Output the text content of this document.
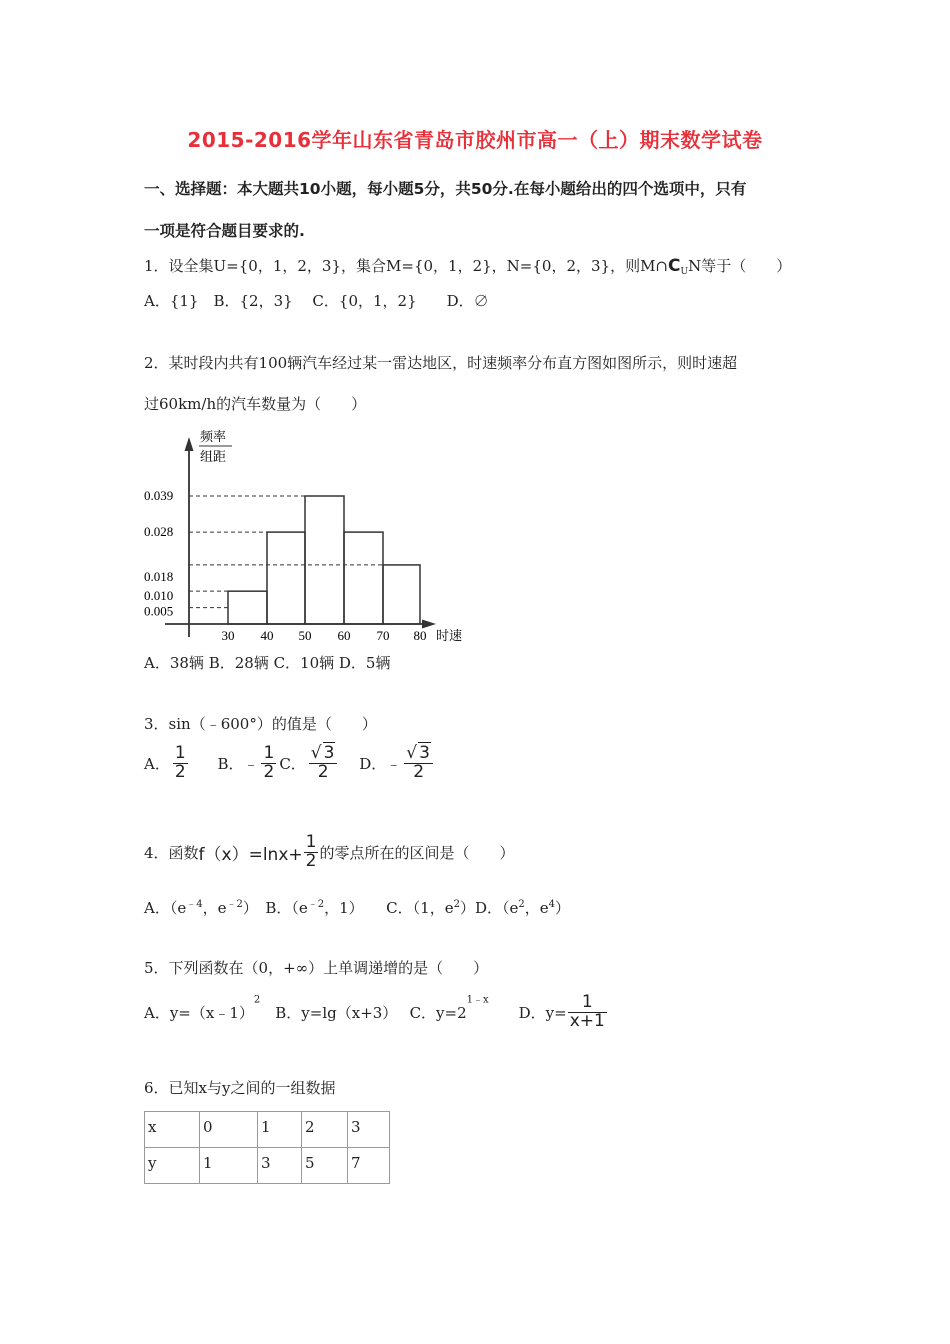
2015-2016学年山东省青岛市胶州市高一（上）期末数学试卷
一、选择题：本大题共10小题，每小题5分，共50分.在每小题给出的四个选项中，只有
一项是符合题目要求的.
1．设全集U={0，1，2，3}，集合M={0，1，2}，N={0，2，3}，则$M\cap C_UN$等于（　　）
A．{1}　B．{2，3}　 C．{0，1，2}　　D．∅
2．某时段内共有100辆汽车经过某一雷达地区，时速频率分布直方图如图所示，则时速超
过60km/h的汽车数量为（　　）
频率
组距
时速
0.039
0.028
0.018
0.010
0.005
30 40 50 60 70 80
A．38辆 B．28辆 C．10辆 D．5辆
3．sin（﹣600°）的值是（　　）
A． $\frac{1}{2}$ B．﹣ $\frac{1}{2}$ C． $\frac{√ 3}{2}$ D．﹣ $\frac{√ 3}{2}$
4．函数$f(x)=\ln x+ \frac{1}{2}$ 的零点所在的区间是（　　）
A．（$e^{﹣4}$，$e^{﹣2}$）　B．（$e^{﹣2}$，1）　　C．（1，$e^2)D$．（$e^2$，$e^4$）
5．下列函数在（0，+∞）上单调递增的是（　　）
A．y=（x﹣1）$^2$　B．y=lg（x+3）　 C．$y=2^{1﹣x}$　　D．$y= \frac{1}{x+1}$
6．已知x与y之间的一组数据
x	0	1	2	3
y	1	3	5	7
